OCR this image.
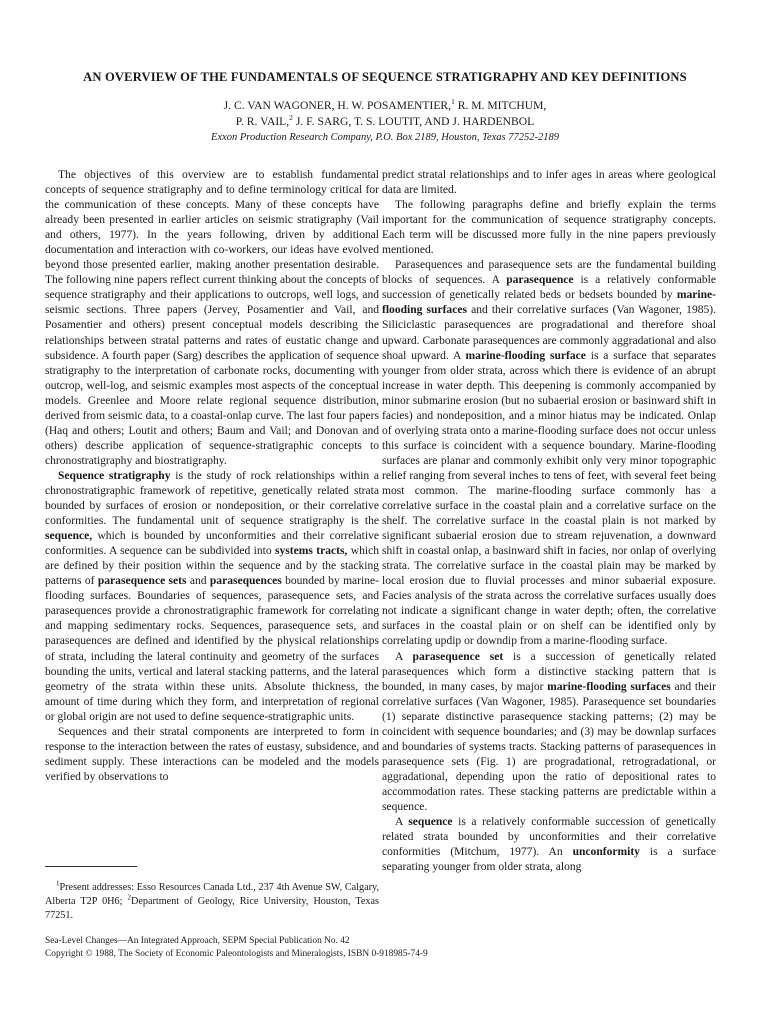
AN OVERVIEW OF THE FUNDAMENTALS OF SEQUENCE STRATIGRAPHY AND KEY DEFINITIONS
J. C. VAN WAGONER, H. W. POSAMENTIER,$^1$ R. M. MITCHUM,
P. R. VAIL,$^2$ J. F. SARG, T. S. LOUTIT, AND J. HARDENBOL
Exxon Production Research Company, P.O. Box 2189, Houston, Texas 77252-2189

The objectives of this overview are to establish fundamental concepts of sequence stratigraphy and to define terminology critical for the communication of these concepts. Many of these concepts have already been presented in earlier articles on seismic stratigraphy (Vail and others, 1977). In the years following, driven by additional documentation and interaction with co-workers, our ideas have evolved beyond those presented earlier, making another presentation desirable. The following nine papers reflect current thinking about the concepts of sequence stratigraphy and their applications to outcrops, well logs, and seismic sections. Three papers (Jervey, Posamentier and Vail, and Posamentier and others) present conceptual models describing the relationships between stratal patterns and rates of eustatic change and subsidence. A fourth paper (Sarg) describes the application of sequence stratigraphy to the interpretation of carbonate rocks, documenting with outcrop, well-log, and seismic examples most aspects of the conceptual models. Greenlee and Moore relate regional sequence distribution, derived from seismic data, to a coastal-onlap curve. The last four papers (Haq and others; Loutit and others; Baum and Vail; and Donovan and others) describe application of sequence-stratigraphic concepts to chronostratigraphy and biostratigraphy.

Sequence stratigraphy is the study of rock relationships within a chronostratigraphic framework of repetitive, genetically related strata bounded by surfaces of erosion or nondeposition, or their correlative conformities. The fundamental unit of sequence stratigraphy is the sequence, which is bounded by unconformities and their correlative conformities. A sequence can be subdivided into systems tracts, which are defined by their position within the sequence and by the stacking patterns of parasequence sets and parasequences bounded by marine-flooding surfaces. Boundaries of sequences, parasequence sets, and parasequences provide a chronostratigraphic framework for correlating and mapping sedimentary rocks. Sequences, parasequence sets, and parasequences are defined and identified by the physical relationships of strata, including the lateral continuity and geometry of the surfaces bounding the units, vertical and lateral stacking patterns, and the lateral geometry of the strata within these units. Absolute thickness, the amount of time during which they form, and interpretation of regional or global origin are not used to define sequence-stratigraphic units.

Sequences and their stratal components are interpreted to form in response to the interaction between the rates of eustasy, subsidence, and sediment supply. These interactions can be modeled and the models verified by observations to

predict stratal relationships and to infer ages in areas where geological data are limited.

The following paragraphs define and briefly explain the terms important for the communication of sequence stratigraphy concepts. Each term will be discussed more fully in the nine papers previously mentioned.

Parasequences and parasequence sets are the fundamental building blocks of sequences. A parasequence is a relatively conformable succession of genetically related beds or bedsets bounded by marine-flooding surfaces and their correlative surfaces (Van Wagoner, 1985). Siliciclastic parasequences are progradational and therefore shoal upward. Carbonate parasequences are commonly aggradational and also shoal upward. A marine-flooding surface is a surface that separates younger from older strata, across which there is evidence of an abrupt increase in water depth. This deepening is commonly accompanied by minor submarine erosion (but no subaerial erosion or basinward shift in facies) and nondeposition, and a minor hiatus may be indicated. Onlap of overlying strata onto a marine-flooding surface does not occur unless this surface is coincident with a sequence boundary. Marine-flooding surfaces are planar and commonly exhibit only very minor topographic relief ranging from several inches to tens of feet, with several feet being most common. The marine-flooding surface commonly has a correlative surface in the coastal plain and a correlative surface on the shelf. The correlative surface in the coastal plain is not marked by significant subaerial erosion due to stream rejuvenation, a downward shift in coastal onlap, a basinward shift in facies, nor onlap of overlying strata. The correlative surface in the coastal plain may be marked by local erosion due to fluvial processes and minor subaerial exposure. Facies analysis of the strata across the correlative surfaces usually does not indicate a significant change in water depth; often, the correlative surfaces in the coastal plain or on shelf can be identified only by correlating updip or downdip from a marine-flooding surface.

A parasequence set is a succession of genetically related parasequences which form a distinctive stacking pattern that is bounded, in many cases, by major marine-flooding surfaces and their correlative surfaces (Van Wagoner, 1985). Parasequence set boundaries (1) separate distinctive parasequence stacking patterns; (2) may be coincident with sequence boundaries; and (3) may be downlap surfaces and boundaries of systems tracts. Stacking patterns of parasequences in parasequence sets (Fig. 1) are progradational, retrogradational, or aggradational, depending upon the ratio of depositional rates to accommodation rates. These stacking patterns are predictable within a sequence.

A sequence is a relatively conformable succession of genetically related strata bounded by unconformities and their correlative conformities (Mitchum, 1977). An unconformity is a surface separating younger from older strata, along

$^1$Present addresses: Esso Resources Canada Ltd., 237 4th Avenue SW, Calgary, Alberta T2P 0H6; $^2$Department of Geology, Rice University, Houston, Texas 77251.
Sea-Level Changes—An Integrated Approach, SEPM Special Publication No. 42
Copyright © 1988, The Society of Economic Paleontologists and Mineralogists, ISBN 0-918985-74-9
